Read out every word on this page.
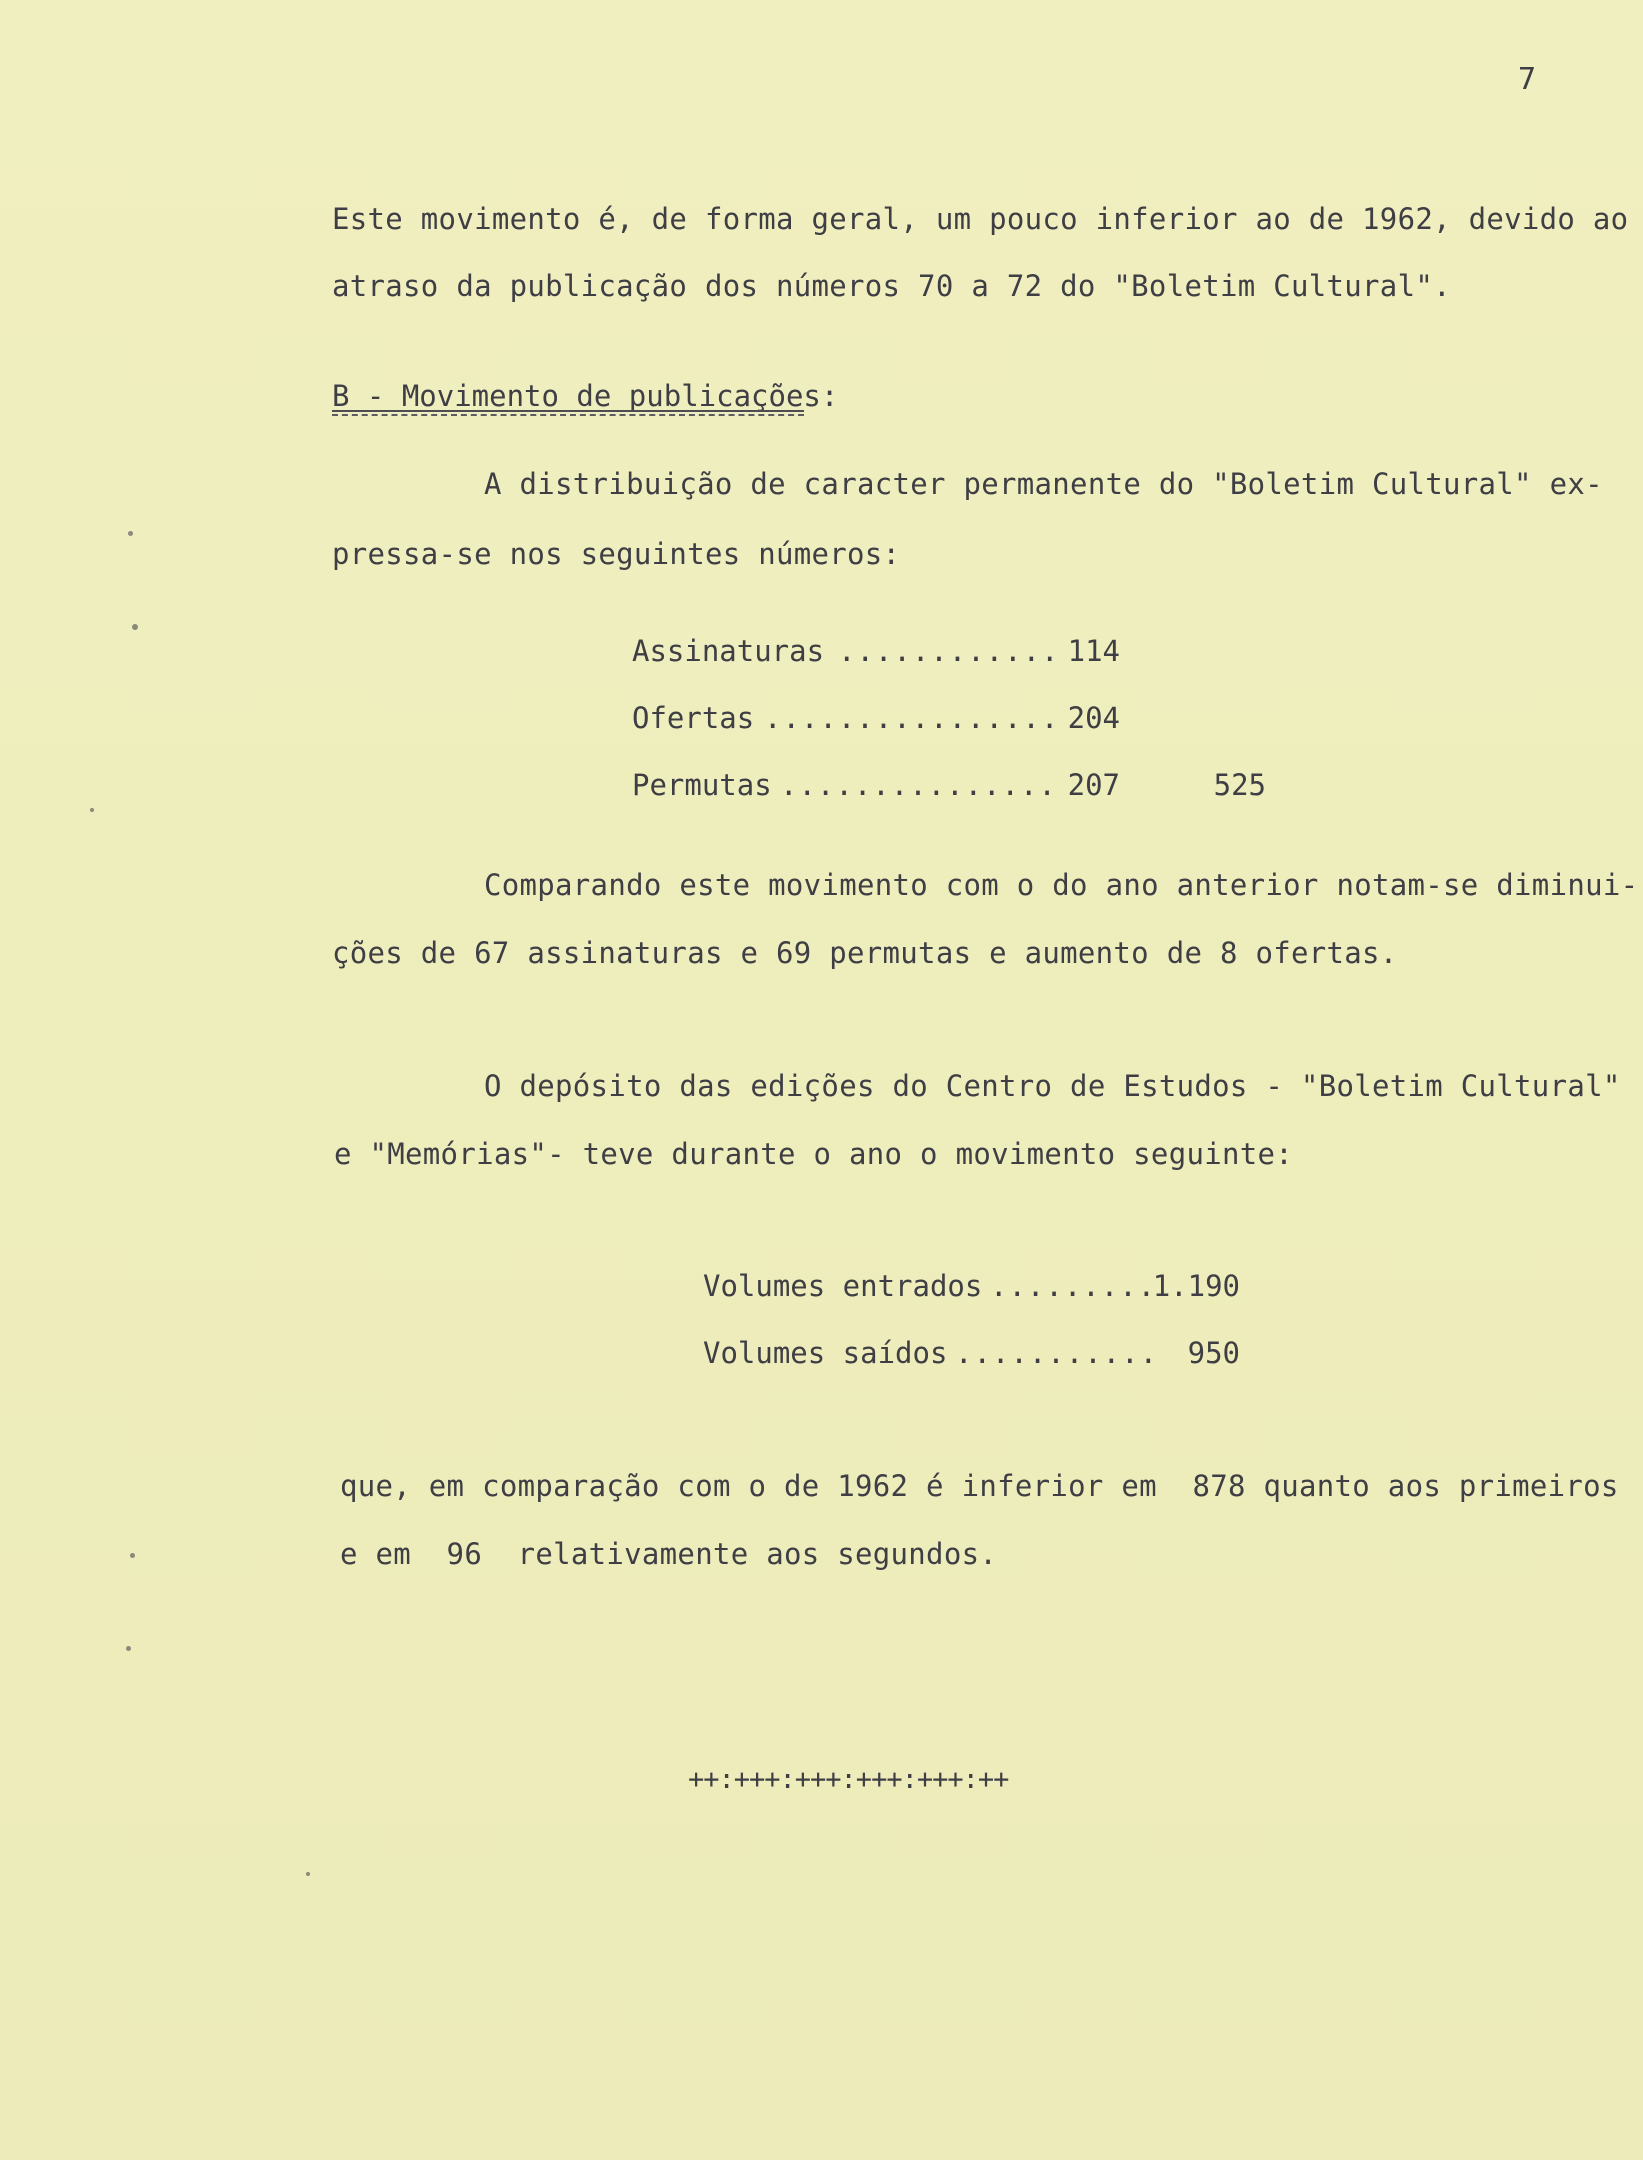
7
Este movimento é, de forma geral, um pouco inferior ao de 1962, devido ao
atraso da publicação dos números 70 a 72 do "Boletim Cultural".
B - Movimento de publicações:
A distribuição de caracter permanente do "Boletim Cultural" ex-
pressa-se nos seguintes números:
Assinaturas ............ 114
Ofertas ................ 204
Permutas ............... 207	525
Comparando este movimento com o do ano anterior notam-se diminui-
ções de 67 assinaturas e 69 permutas e aumento de 8 ofertas.
O depósito das edições do Centro de Estudos - "Boletim Cultural"
e "Memórias"- teve durante o ano o movimento seguinte:
Volumes entrados .........
1.190
Volumes saídos ...........	950
que, em comparação com o de 1962 é inferior em  878 quanto aos primeiros
e em  96  relativamente aos segundos.
++:+++:+++:+++:+++:++
